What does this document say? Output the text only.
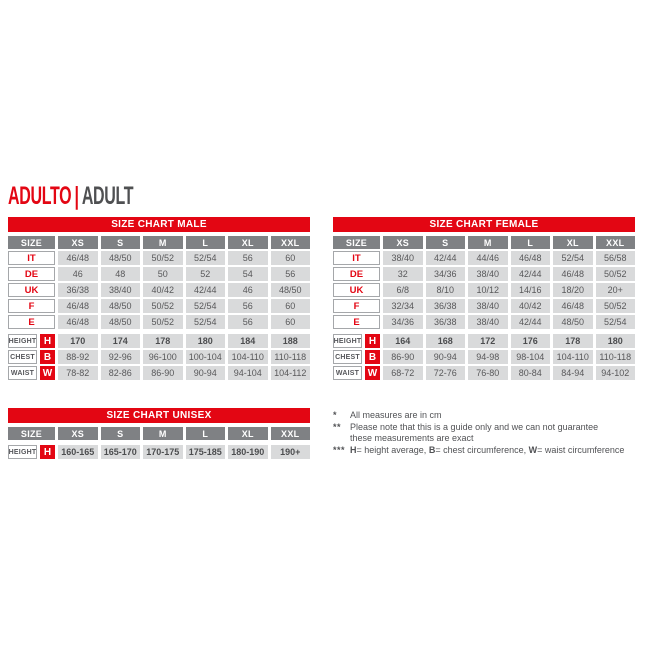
ADULTO | ADULT
SIZE CHART MALE
SIZE	XS	S	M	L	XL	XXL
IT	46/48	48/50	50/52	52/54	56	60
DE	46	48	50	52	54	56
UK	36/38	38/40	40/42	42/44	46	48/50
F	46/48	48/50	50/52	52/54	56	60
E	46/48	48/50	50/52	52/54	56	60
HEIGHT H	170	174	178	180	184	188
CHEST B	88-92	92-96	96-100	100-104	104-110	110-118
WAIST W	78-82	82-86	86-90	90-94	94-104	104-112
SIZE CHART FEMALE
SIZE	XS	S	M	L	XL	XXL
IT	38/40	42/44	44/46	46/48	52/54	56/58
DE	32	34/36	38/40	42/44	46/48	50/52
UK	6/8	8/10	10/12	14/16	18/20	20+
F	32/34	36/38	38/40	40/42	46/48	50/52
E	34/36	36/38	38/40	42/44	48/50	52/54
HEIGHT H	164	168	172	176	178	180
CHEST B	86-90	90-94	94-98	98-104	104-110	110-118
WAIST W	68-72	72-76	76-80	80-84	84-94	94-102
SIZE CHART UNISEX
SIZE	XS	S	M	L	XL	XXL
HEIGHT H	160-165	165-170	170-175	175-185	180-190	190+
*	All measures are in cm
** Please note that this is a guide only and we can not guarantee
these measurements are exact
*** H= height average, B= chest circumference, W= waist circumference
